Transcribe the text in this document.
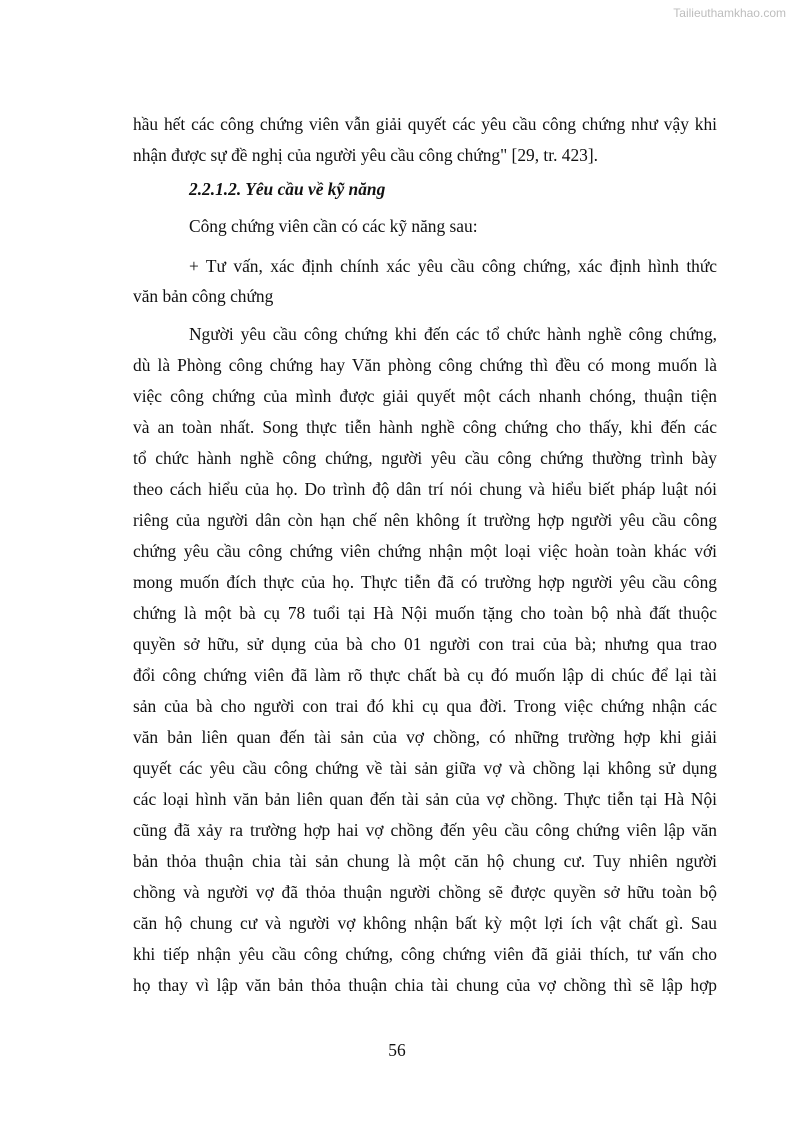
Tailieuthamkhao.com
hầu hết các công chứng viên vẫn giải quyết các yêu cầu công chứng như vậy khi
nhận được sự đề nghị của người yêu cầu công chứng" [29, tr. 423].
2.2.1.2. Yêu cầu về kỹ năng
Công chứng viên cần có các kỹ năng sau:
+ Tư vấn, xác định chính xác yêu cầu công chứng, xác định hình thức
văn bản công chứng
Người yêu cầu công chứng khi đến các tổ chức hành nghề công chứng,
dù là Phòng công chứng hay Văn phòng công chứng thì đều có mong muốn là
việc công chứng của mình được giải quyết một cách nhanh chóng, thuận tiện
và an toàn nhất. Song thực tiễn hành nghề công chứng cho thấy, khi đến các
tổ chức hành nghề công chứng, người yêu cầu công chứng thường trình bày
theo cách hiểu của họ. Do trình độ dân trí nói chung và hiểu biết pháp luật nói
riêng của người dân còn hạn chế nên không ít trường hợp người yêu cầu công
chứng yêu cầu công chứng viên chứng nhận một loại việc hoàn toàn khác với
mong muốn đích thực của họ. Thực tiễn đã có trường hợp người yêu cầu công
chứng là một bà cụ 78 tuổi tại Hà Nội muốn tặng cho toàn bộ nhà đất thuộc
quyền sở hữu, sử dụng của bà cho 01 người con trai của bà; nhưng qua trao
đổi công chứng viên đã làm rõ thực chất bà cụ đó muốn lập di chúc để lại tài
sản của bà cho người con trai đó khi cụ qua đời. Trong việc chứng nhận các
văn bản liên quan đến tài sản của vợ chồng, có những trường hợp khi giải
quyết các yêu cầu công chứng về tài sản giữa vợ và chồng lại không sử dụng
các loại hình văn bản liên quan đến tài sản của vợ chồng. Thực tiễn tại Hà Nội
cũng đã xảy ra trường hợp hai vợ chồng đến yêu cầu công chứng viên lập văn
bản thỏa thuận chia tài sản chung là một căn hộ chung cư. Tuy nhiên người
chồng và người vợ đã thỏa thuận người chồng sẽ được quyền sở hữu toàn bộ
căn hộ chung cư và người vợ không nhận bất kỳ một lợi ích vật chất gì. Sau
khi tiếp nhận yêu cầu công chứng, công chứng viên đã giải thích, tư vấn cho
họ thay vì lập văn bản thỏa thuận chia tài chung của vợ chồng thì sẽ lập hợp
56
